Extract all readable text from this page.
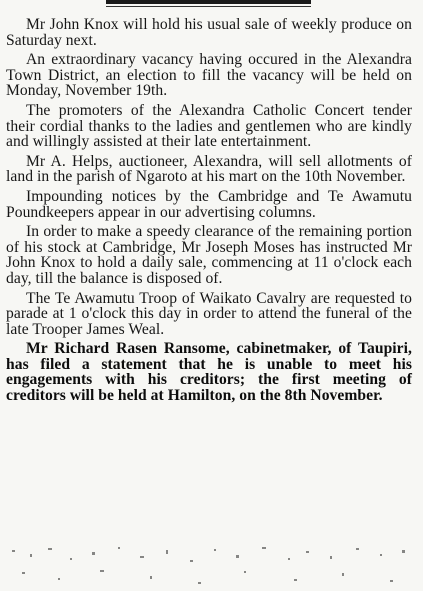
Mr John Knox will hold his usual sale of weekly produce on Saturday next.

An extraordinary vacancy having occured in the Alexandra Town District, an election to fill the vacancy will be held on Monday, November 19th.

The promoters of the Alexandra Catholic Concert tender their cordial thanks to the ladies and gentlemen who are kindly and willingly assisted at their late entertainment.

Mr A. Helps, auctioneer, Alexandra, will sell allotments of land in the parish of Ngaroto at his mart on the 10th November.

Impounding notices by the Cambridge and Te Awamutu Poundkeepers appear in our advertising columns.

In order to make a speedy clearance of the remaining portion of his stock at Cambridge, Mr Joseph Moses has instructed Mr John Knox to hold a daily sale, commencing at 11 o'clock each day, till the balance is disposed of.

The Te Awamutu Troop of Waikato Cavalry are requested to parade at 1 o'clock this day in order to attend the funeral of the late Trooper James Weal.

Mr Richard Rasen Ransome, cabinetmaker, of Taupiri, has filed a statement that he is unable to meet his engagements with his creditors; the first meeting of creditors will be held at Hamilton, on the 8th November.
